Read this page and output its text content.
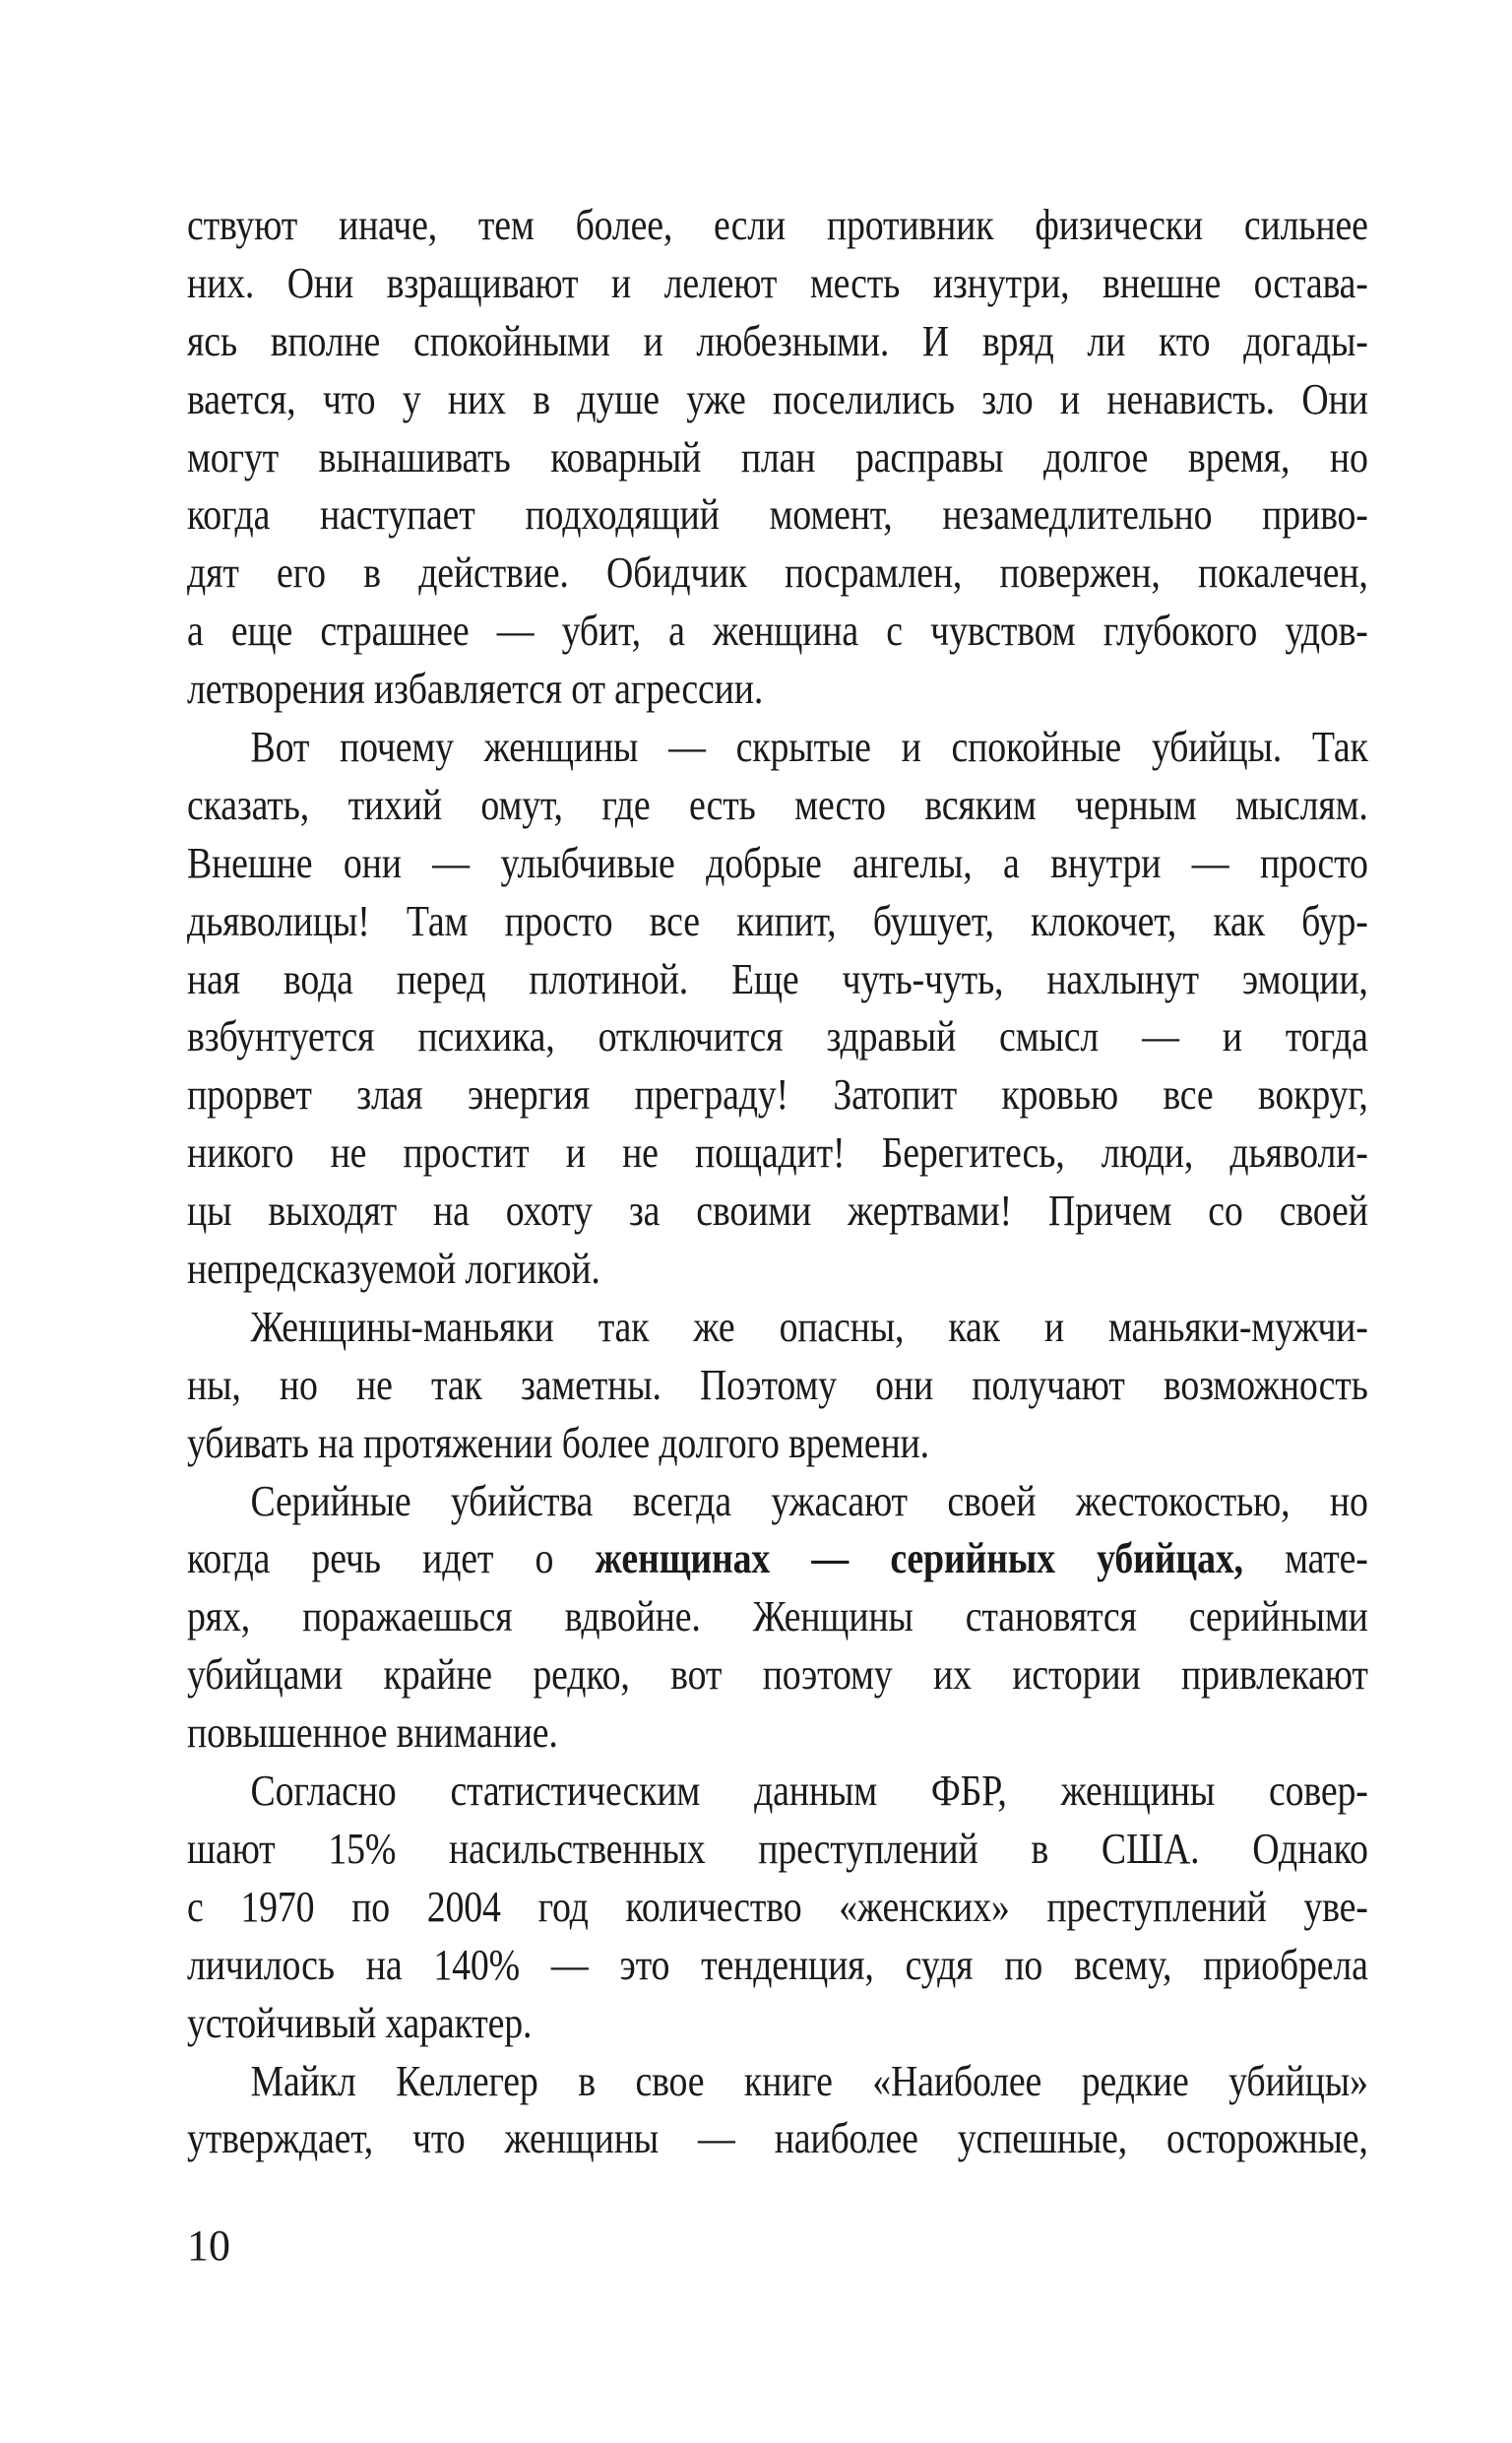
ствуют иначе, тем более, если противник физически сильнее
них. Они взращивают и лелеют месть изнутри, внешне остава-
ясь вполне спокойными и любезными. И вряд ли кто догады-
вается, что у них в душе уже поселились зло и ненависть. Они
могут вынашивать коварный план расправы долгое время, но
когда наступает подходящий момент, незамедлительно приво-
дят его в действие. Обидчик посрамлен, повержен, покалечен,
а еще страшнее — убит, а женщина с чувством глубокого удов-
летворения избавляется от агрессии.
Вот почему женщины — скрытые и спокойные убийцы. Так
сказать, тихий омут, где есть место всяким черным мыслям.
Внешне они — улыбчивые добрые ангелы, а внутри — просто
дьяволицы! Там просто все кипит, бушует, клокочет, как бур-
ная вода перед плотиной. Еще чуть-чуть, нахлынут эмоции,
взбунтуется психика, отключится здравый смысл — и тогда
прорвет злая энергия преграду! Затопит кровью все вокруг,
никого не простит и не пощадит! Берегитесь, люди, дьяволи-
цы выходят на охоту за своими жертвами! Причем со своей
непредсказуемой логикой.
Женщины-маньяки так же опасны, как и маньяки-мужчи-
ны, но не так заметны. Поэтому они получают возможность
убивать на протяжении более долгого времени.
Серийные убийства всегда ужасают своей жестокостью, но
когда речь идет о женщинах — серийных убийцах, мате-
рях, поражаешься вдвойне. Женщины становятся серийными
убийцами крайне редко, вот поэтому их истории привлекают
повышенное внимание.
Согласно статистическим данным ФБР, женщины совер-
шают 15% насильственных преступлений в США. Однако
с 1970 по 2004 год количество «женских» преступлений уве-
личилось на 140% — это тенденция, судя по всему, приобрела
устойчивый характер.
Майкл Келлегер в свое книге «Наиболее редкие убийцы»
утверждает, что женщины — наиболее успешные, осторожные,
10
